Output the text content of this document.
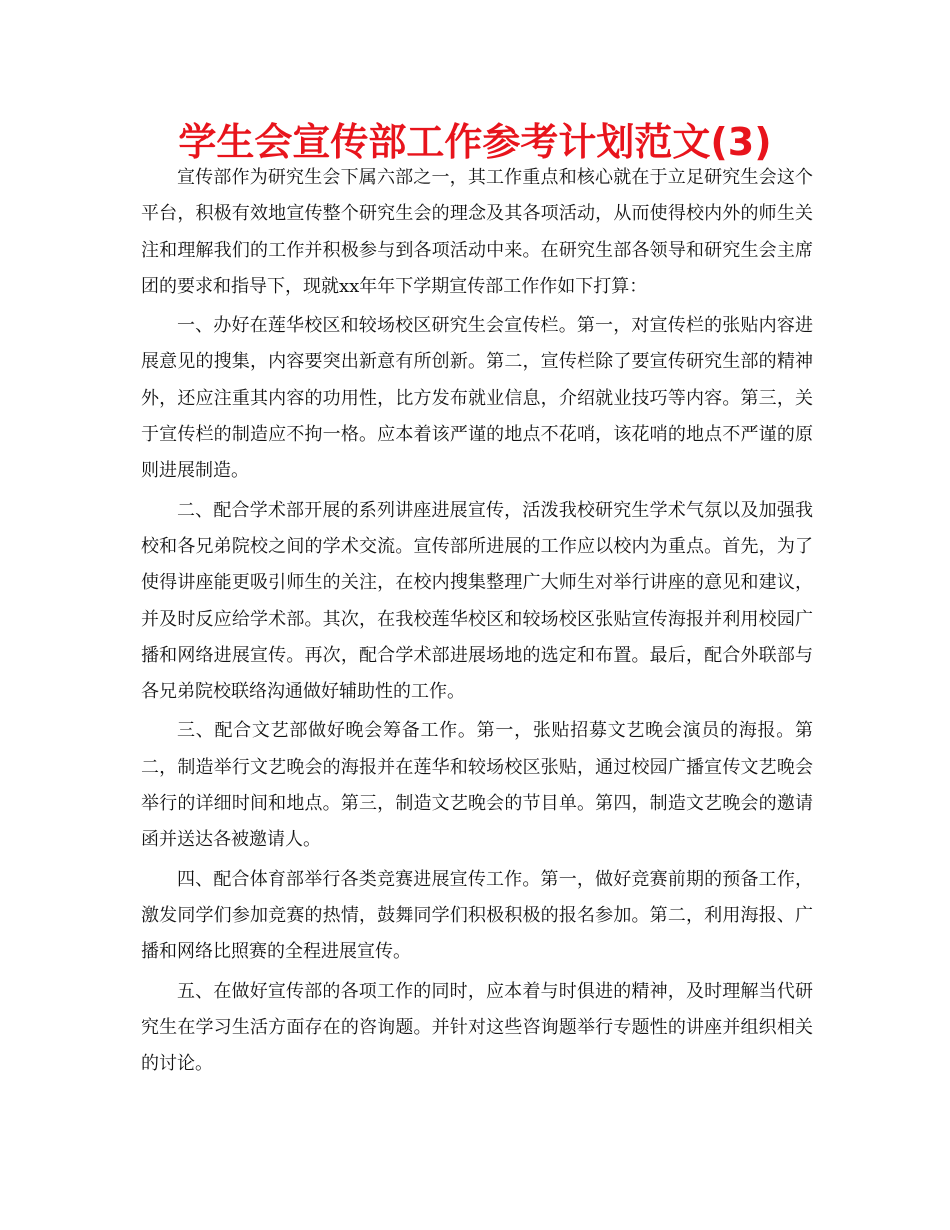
学生会宣传部工作参考计划范文(3)

宣传部作为研究生会下属六部之一，其工作重点和核心就在于立足研究生会这个平台，积极有效地宣传整个研究生会的理念及其各项活动，从而使得校内外的师生关注和理解我们的工作并积极参与到各项活动中来。在研究生部各领导和研究生会主席团的要求和指导下，现就xx年年下学期宣传部工作作如下打算：

一、办好在莲华校区和较场校区研究生会宣传栏。第一，对宣传栏的张贴内容进展意见的搜集，内容要突出新意有所创新。第二，宣传栏除了要宣传研究生部的精神外，还应注重其内容的功用性，比方发布就业信息，介绍就业技巧等内容。第三，关于宣传栏的制造应不拘一格。应本着该严谨的地点不花哨，该花哨的地点不严谨的原则进展制造。

二、配合学术部开展的系列讲座进展宣传，活泼我校研究生学术气氛以及加强我校和各兄弟院校之间的学术交流。宣传部所进展的工作应以校内为重点。首先，为了使得讲座能更吸引师生的关注，在校内搜集整理广大师生对举行讲座的意见和建议，并及时反应给学术部。其次，在我校莲华校区和较场校区张贴宣传海报并利用校园广播和网络进展宣传。再次，配合学术部进展场地的选定和布置。最后，配合外联部与各兄弟院校联络沟通做好辅助性的工作。

三、配合文艺部做好晚会筹备工作。第一，张贴招募文艺晚会演员的海报。第二，制造举行文艺晚会的海报并在莲华和较场校区张贴，通过校园广播宣传文艺晚会举行的详细时间和地点。第三，制造文艺晚会的节目单。第四，制造文艺晚会的邀请函并送达各被邀请人。

四、配合体育部举行各类竞赛进展宣传工作。第一，做好竞赛前期的预备工作，激发同学们参加竞赛的热情，鼓舞同学们积极积极的报名参加。第二，利用海报、广播和网络比照赛的全程进展宣传。

五、在做好宣传部的各项工作的同时，应本着与时俱进的精神，及时理解当代研究生在学习生活方面存在的咨询题。并针对这些咨询题举行专题性的讲座并组织相关的讨论。
